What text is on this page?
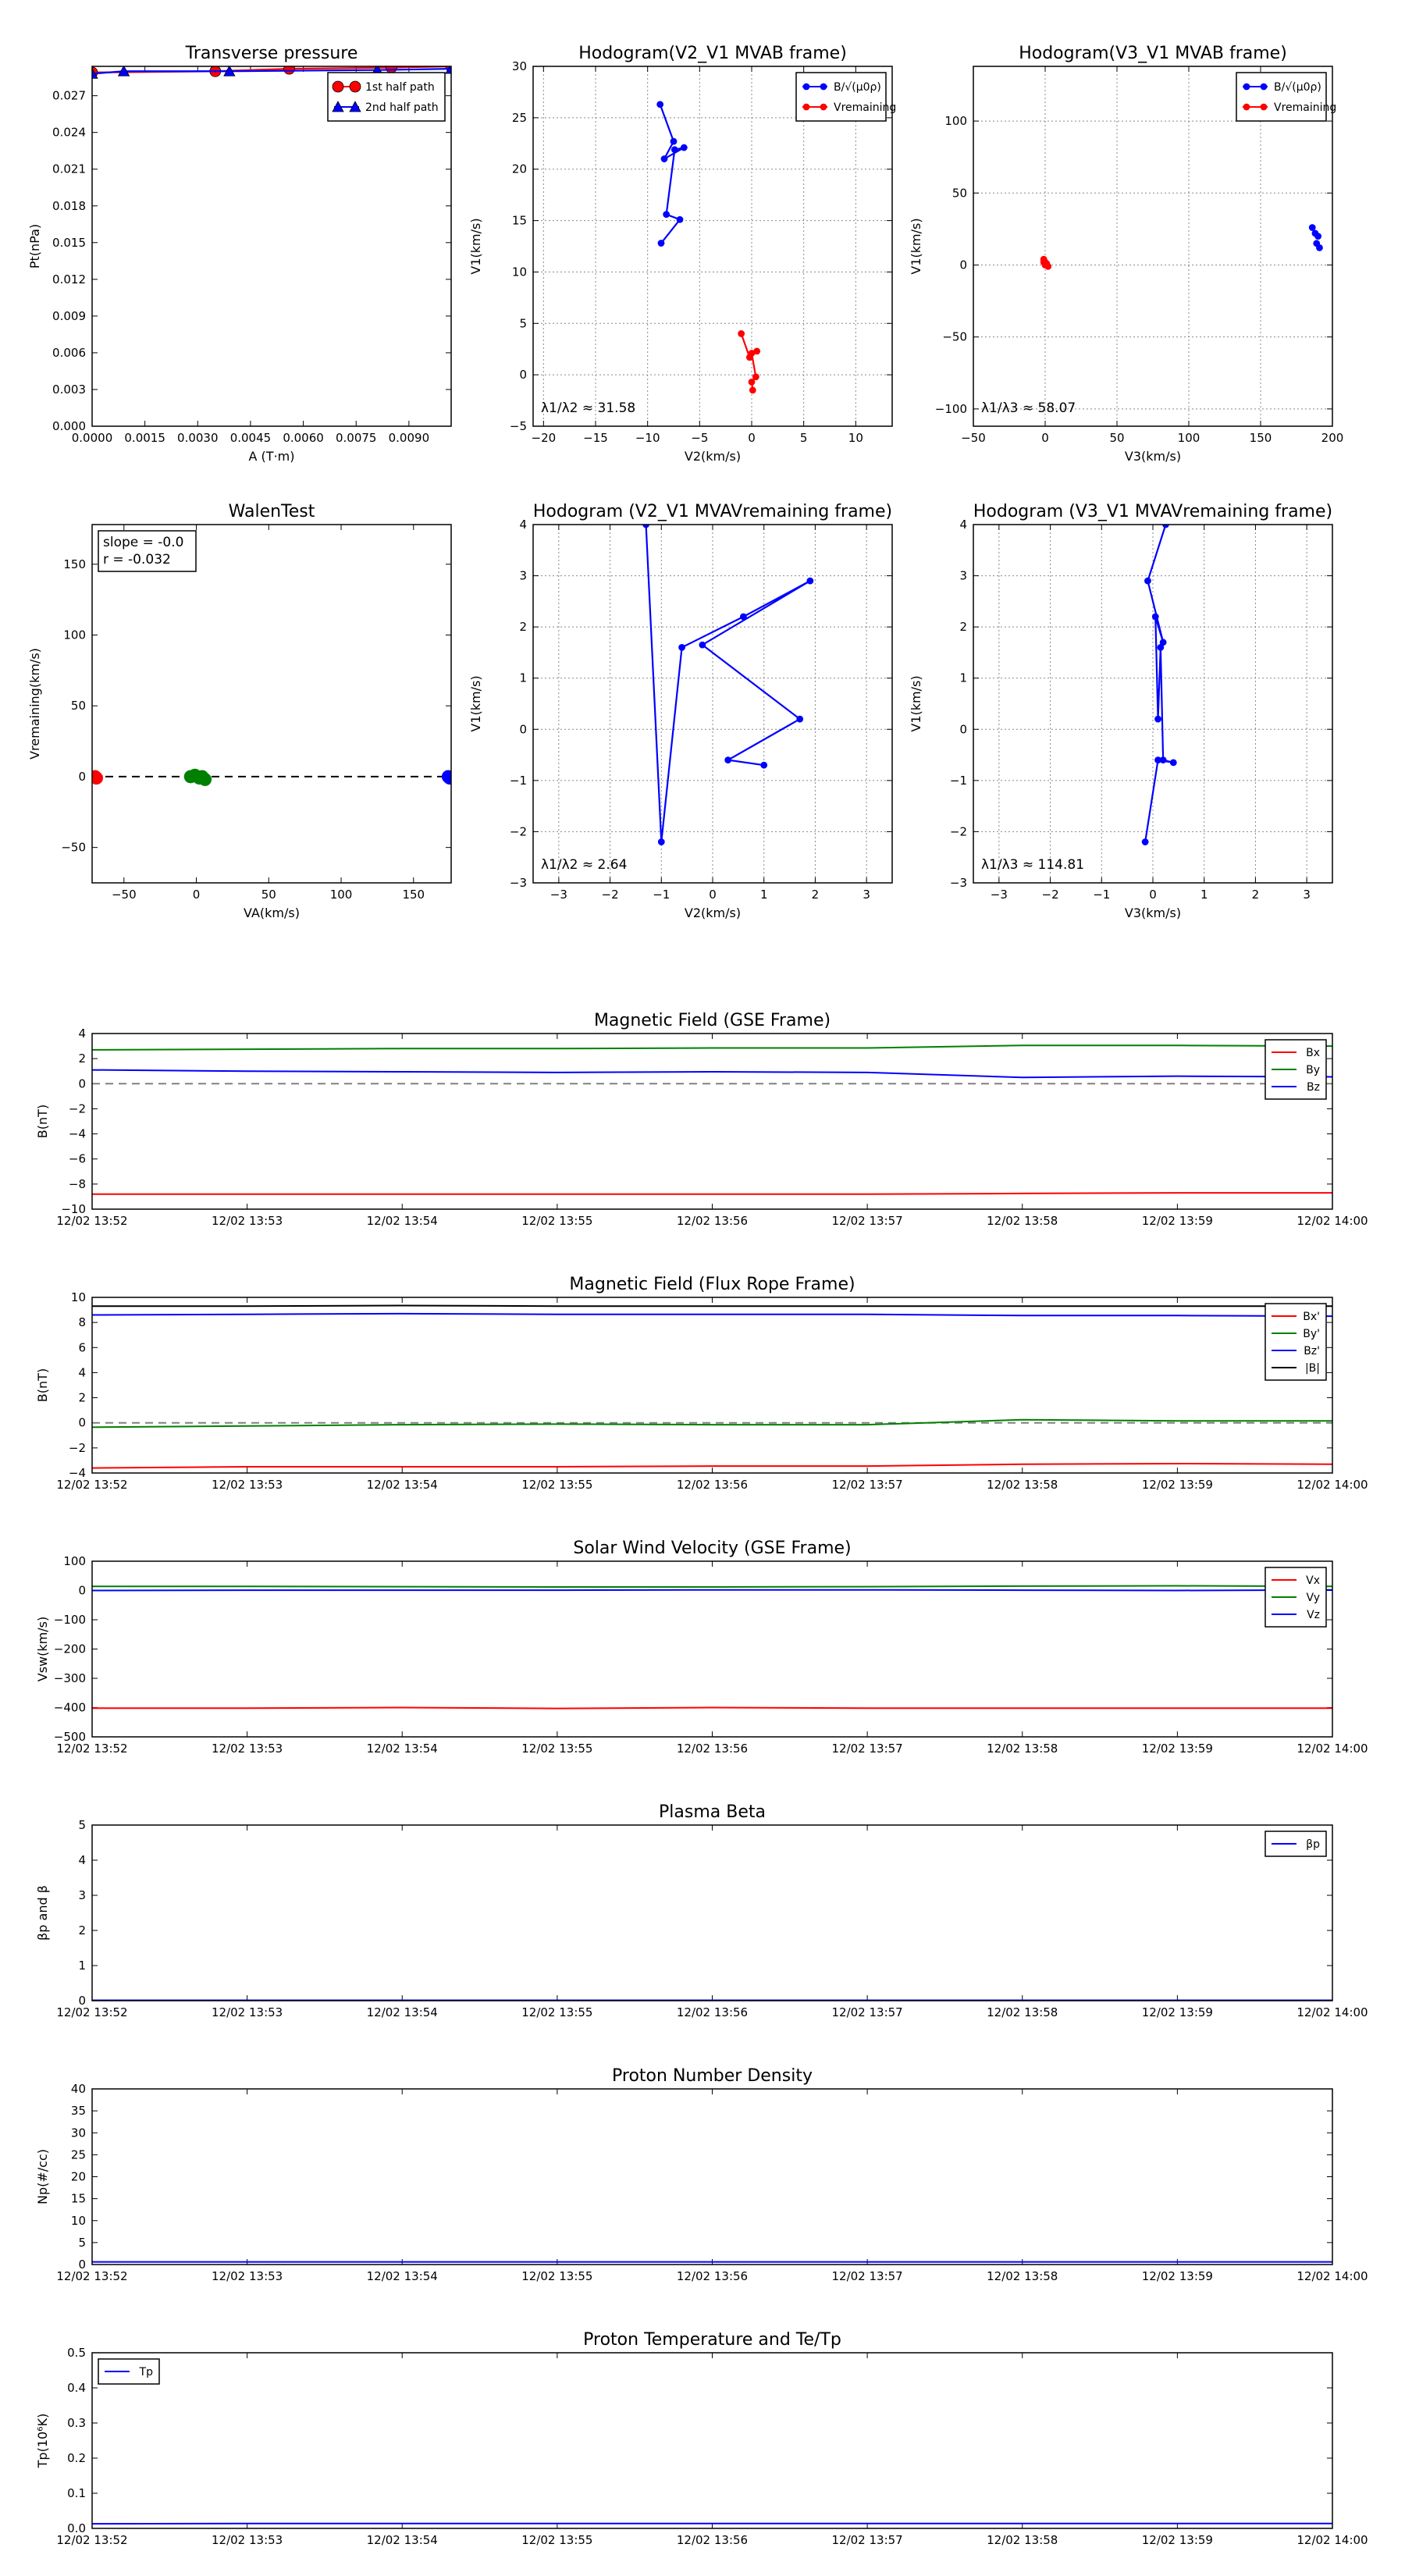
Transverse pressure
0.0000 0.0015 0.0030 0.0045 0.0060 0.0075 0.0090
0.000
0.003
0.006
0.009
0.012
0.015
0.018
0.021
0.024
0.027
A (T·m)
Pt(nPa)
1st half path
2nd half path
Hodogram(V2_V1 MVAB frame)
−20 −15 −10	−5	0	5	10
−5
0
5
10
15
20
25
30
V2(km/s)
V1(km/s)
λ1/λ2 ≈ 31.58
B/√(μ0ρ)
Vremaining
Hodogram(V3_V1 MVAB frame)
−50	0	50	100	150	200
−100
−50
0
50
100
V3(km/s)
V1(km/s)
λ1/λ3 ≈ 58.07
B/√(μ0ρ)
Vremaining
WalenTest
−50	0	50	100	150
−50
0
50
100
150
VA(km/s)
Vremaining(km/s)
slope = -0.0
r = -0.032
Hodogram (V2_V1 MVAVremaining frame)
−3	−2	−1	0	1	2	3
−3
−2
−1
0
1
2
3
4
V2(km/s)
V1(km/s)
λ1/λ2 ≈ 2.64
Hodogram (V3_V1 MVAVremaining frame)
−3	−2	−1	0	1	2	3
−3
−2
−1
0
1
2
3
4
V3(km/s)
V1(km/s)
λ1/λ3 ≈ 114.81
Magnetic Field (GSE Frame)
12/02 13:52	12/02 13:53	12/02 13:54	12/02 13:55	12/02 13:56	12/02 13:57	12/02 13:58	12/02 13:59	12/02 14:00
−10
−8
−6
−4
−2
0
2
4
B(nT)
Bx
By
Bz
Magnetic Field (Flux Rope Frame)
12/02 13:52	12/02 13:53	12/02 13:54	12/02 13:55	12/02 13:56	12/02 13:57	12/02 13:58	12/02 13:59	12/02 14:00
−4
−2
0
2
4
6
8
10
B(nT)
Bx'
By'
Bz'
|B|
Solar Wind Velocity (GSE Frame)
12/02 13:52	12/02 13:53	12/02 13:54	12/02 13:55	12/02 13:56	12/02 13:57	12/02 13:58	12/02 13:59	12/02 14:00
−500
−400
−300
−200
−100
0
100
Vsw(km/s)
Vx
Vy
Vz
Plasma Beta
12/02 13:52	12/02 13:53	12/02 13:54	12/02 13:55	12/02 13:56	12/02 13:57	12/02 13:58	12/02 13:59	12/02 14:00
0
1
2
3
4
5
βp and β
βp
Proton Number Density
12/02 13:52	12/02 13:53	12/02 13:54	12/02 13:55	12/02 13:56	12/02 13:57	12/02 13:58	12/02 13:59	12/02 14:00
0
5
10
15
20
25
30
35
40
Np(#/cc)
Proton Temperature and Te/Tp
12/02 13:52	12/02 13:53	12/02 13:54	12/02 13:55	12/02 13:56	12/02 13:57	12/02 13:58	12/02 13:59	12/02 14:00
0.0
0.1
0.2
0.3
0.4
0.5
Tp(10⁶K)
Tp
